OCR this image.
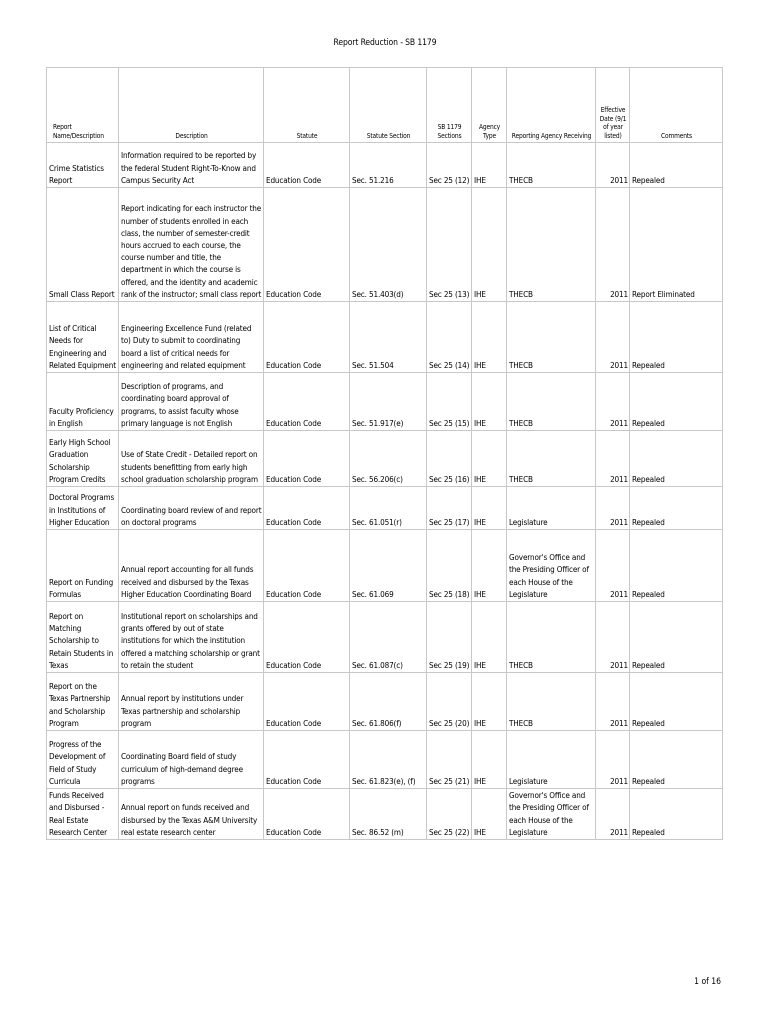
Report Reduction - SB 1179
Report Name/Description	Description	Statute	Statute Section	SB 1179 Sections	Agency Type	Reporting Agency Receiving	Effective Date (9/1 of year listed)	Comments
Crime Statistics Report	Information required to be reported by the federal Student Right-To-Know and Campus Security Act	Education Code	Sec. 51.216	Sec 25 (12)	IHE	THECB	2011	Repealed
Small Class Report	Report indicating for each instructor the number of students enrolled in each class, the number of semester-credit hours accrued to each course, the course number and title, the department in which the course is offered, and the identity and academic rank of the instructor; small class report	Education Code	Sec. 51.403(d)	Sec 25 (13)	IHE	THECB	2011	Report Eliminated
List of Critical Needs for Engineering and Related Equipment	Engineering Excellence Fund (related to) Duty to submit to coordinating board a list of critical needs for engineering and related equipment	Education Code	Sec. 51.504	Sec 25 (14)	IHE	THECB	2011	Repealed
Faculty Proficiency in English	Description of programs, and coordinating board approval of programs, to assist faculty whose primary language is not English	Education Code	Sec. 51.917(e)	Sec 25 (15)	IHE	THECB	2011	Repealed
Early High School Graduation Scholarship Program Credits	Use of State Credit - Detailed report on students benefitting from early high school graduation scholarship program	Education Code	Sec. 56.206(c)	Sec 25 (16)	IHE	THECB	2011	Repealed
Doctoral Programs in Institutions of Higher Education	Coordinating board review of and report on doctoral programs	Education Code	Sec. 61.051(r)	Sec 25 (17)	IHE	Legislature	2011	Repealed
Report on Funding Formulas	Annual report accounting for all funds received and disbursed by the Texas Higher Education Coordinating Board	Education Code	Sec. 61.069	Sec 25 (18)	IHE	Governor's Office and the Presiding Officer of each House of the Legislature	2011	Repealed
Report on Matching Scholarship to Retain Students in Texas	Institutional report on scholarships and grants offered by out of state institutions for which the institution offered a matching scholarship or grant to retain the student	Education Code	Sec. 61.087(c)	Sec 25 (19)	IHE	THECB	2011	Repealed
Report on the Texas Partnership and Scholarship Program	Annual report by institutions under Texas partnership and scholarship program	Education Code	Sec. 61.806(f)	Sec 25 (20)	IHE	THECB	2011	Repealed
Progress of the Development of Field of Study Curricula	Coordinating Board field of study curriculum of high-demand degree programs	Education Code	Sec. 61.823(e), (f)	Sec 25 (21)	IHE	Legislature	2011	Repealed
Funds Received and Disbursed - Real Estate Research Center	Annual report on funds received and disbursed by the Texas A&M University real estate research center	Education Code	Sec. 86.52 (m)	Sec 25 (22)	IHE	Governor's Office and the Presiding Officer of each House of the Legislature	2011	Repealed
1 of 16
